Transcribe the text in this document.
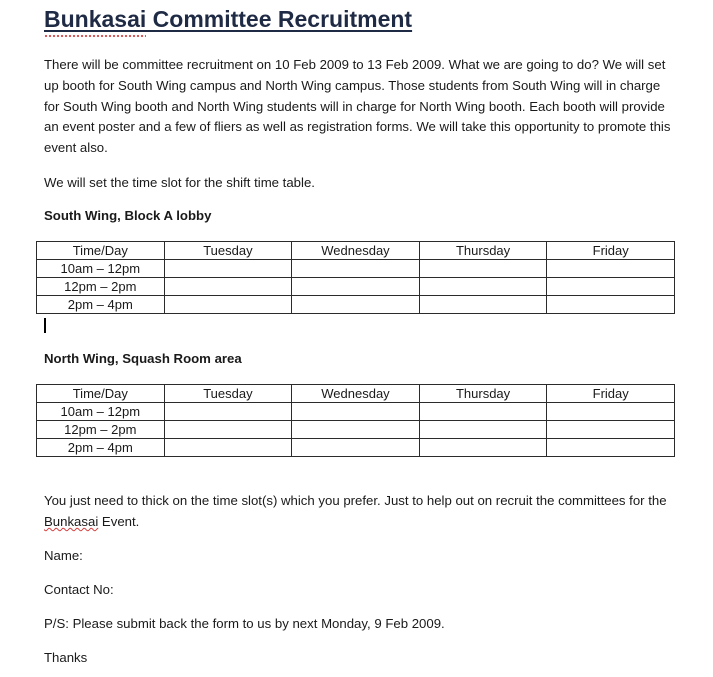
Bunkasai Committee Recruitment

There will be committee recruitment on 10 Feb 2009 to 13 Feb 2009. What we are going to do? We will set up booth for South Wing campus and North Wing campus. Those students from South Wing will in charge for South Wing booth and North Wing students will in charge for North Wing booth. Each booth will provide an event poster and a few of fliers as well as registration forms. We will take this opportunity to promote this event also.

We will set the time slot for the shift time table.

South Wing, Block A lobby

Time/Day	Tuesday	Wednesday	Thursday	Friday
10am – 12pm				
12pm – 2pm				
2pm – 4pm				

North Wing, Squash Room area

Time/Day	Tuesday	Wednesday	Thursday	Friday
10am – 12pm				
12pm – 2pm				
2pm – 4pm				

You just need to thick on the time slot(s) which you prefer. Just to help out on recruit the committees for the Bunkasai Event.

Name:

Contact No:

P/S: Please submit back the form to us by next Monday, 9 Feb 2009.

Thanks
